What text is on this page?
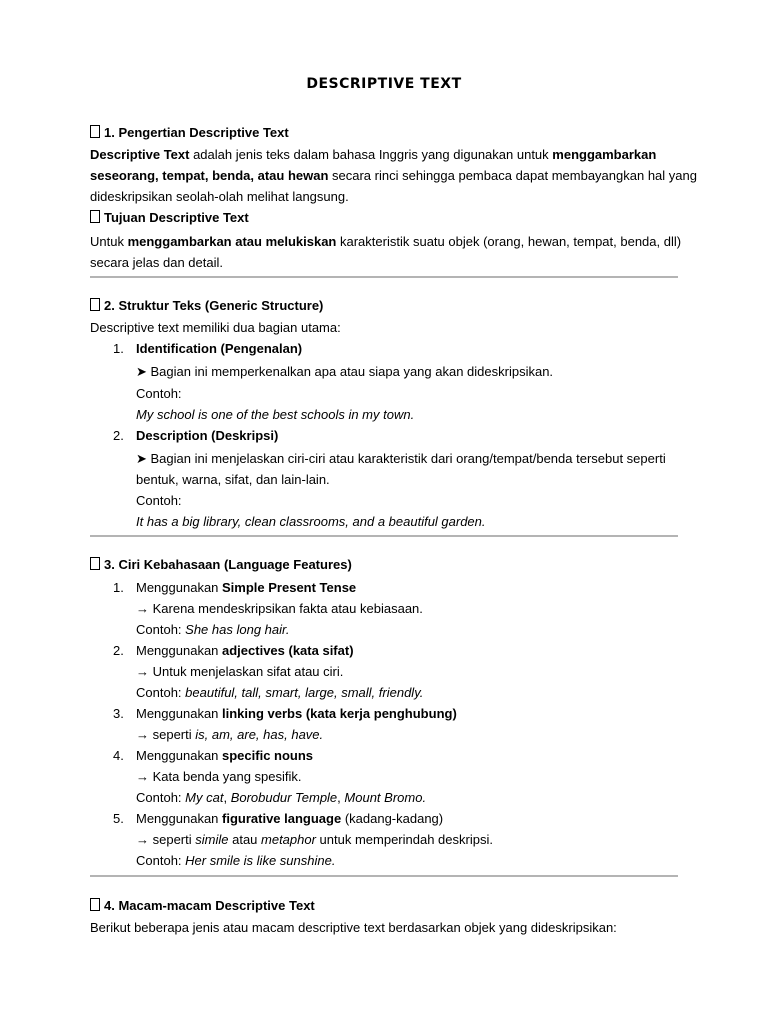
DESCRIPTIVE TEXT
1. Pengertian Descriptive Text
Descriptive Text adalah jenis teks dalam bahasa Inggris yang digunakan untuk menggambarkan
seseorang, tempat, benda, atau hewan secara rinci sehingga pembaca dapat membayangkan hal yang
dideskripsikan seolah-olah melihat langsung.
Tujuan Descriptive Text
Untuk menggambarkan atau melukiskan karakteristik suatu objek (orang, hewan, tempat, benda, dll)
secara jelas dan detail.
2. Struktur Teks (Generic Structure)
Descriptive text memiliki dua bagian utama:
1. Identification (Pengenalan)
➤ Bagian ini memperkenalkan apa atau siapa yang akan dideskripsikan.
Contoh:
My school is one of the best schools in my town.
2. Description (Deskripsi)
➤ Bagian ini menjelaskan ciri-ciri atau karakteristik dari orang/tempat/benda tersebut seperti
bentuk, warna, sifat, dan lain-lain.
Contoh:
It has a big library, clean classrooms, and a beautiful garden.
3. Ciri Kebahasaan (Language Features)
1. Menggunakan Simple Present Tense
→ Karena mendeskripsikan fakta atau kebiasaan.
Contoh: She has long hair.
2. Menggunakan adjectives (kata sifat)
→ Untuk menjelaskan sifat atau ciri.
Contoh: beautiful, tall, smart, large, small, friendly.
3. Menggunakan linking verbs (kata kerja penghubung)
→ seperti is, am, are, has, have.
4. Menggunakan specific nouns
→ Kata benda yang spesifik.
Contoh: My cat, Borobudur Temple, Mount Bromo.
5. Menggunakan figurative language (kadang-kadang)
→ seperti simile atau metaphor untuk memperindah deskripsi.
Contoh: Her smile is like sunshine.
4. Macam-macam Descriptive Text
Berikut beberapa jenis atau macam descriptive text berdasarkan objek yang dideskripsikan:
